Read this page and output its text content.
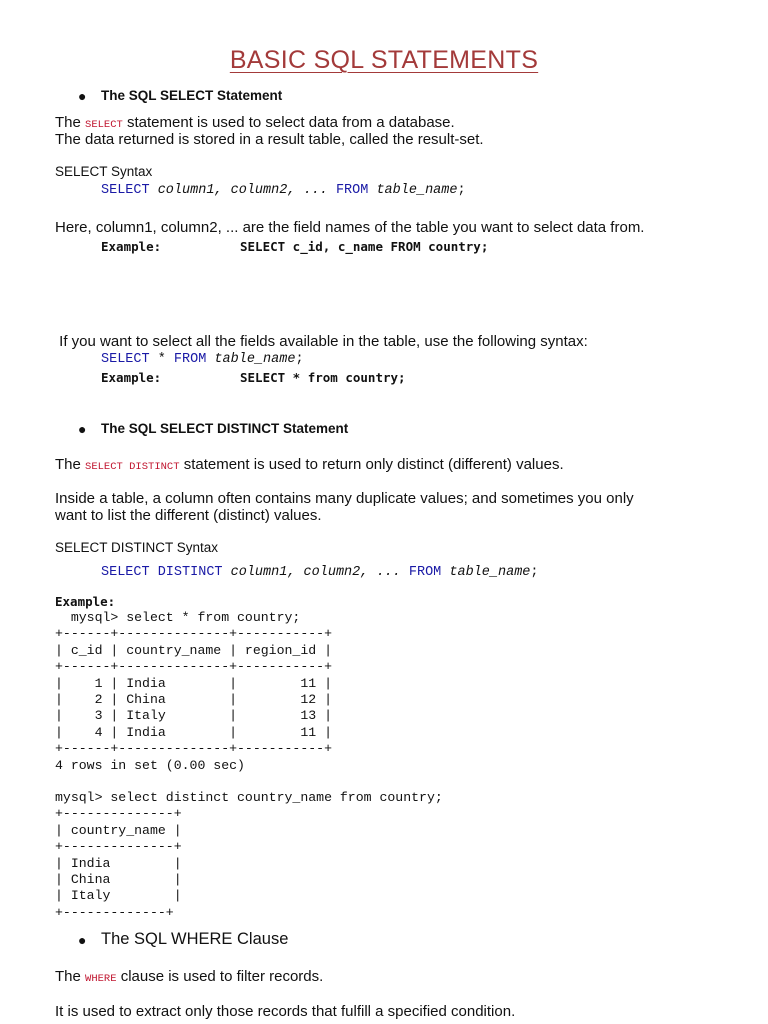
BASIC SQL STATEMENTS
● The SQL SELECT Statement
The SELECT statement is used to select data from a database.
The data returned is stored in a result table, called the result-set.
SELECT Syntax
SELECT column1, column2, ... FROM table_name;
Here, column1, column2, ... are the field names of the table you want to select data from.
Example:	SELECT c_id, c_name FROM country;
If you want to select all the fields available in the table, use the following syntax:
SELECT * FROM table_name;
Example:	SELECT * from country;
● The SQL SELECT DISTINCT Statement
The SELECT DISTINCT statement is used to return only distinct (different) values.
Inside a table, a column often contains many duplicate values; and sometimes you only
want to list the different (distinct) values.
SELECT DISTINCT Syntax
SELECT DISTINCT column1, column2, ... FROM table_name;
Example:
mysql> select * from country;
+------+--------------+-----------+
| c_id | country_name | region_id |
+------+--------------+-----------+
|    1 | India        |        11 |
|    2 | China        |        12 |
|    3 | Italy        |        13 |
|    4 | India        |        11 |
+------+--------------+-----------+
4 rows in set (0.00 sec)
mysql> select distinct country_name from country;
+--------------+
| country_name |
+--------------+
| India        |
| China        |
| Italy        |
+-------------+
● The SQL WHERE Clause
The WHERE clause is used to filter records.
It is used to extract only those records that fulfill a specified condition.
